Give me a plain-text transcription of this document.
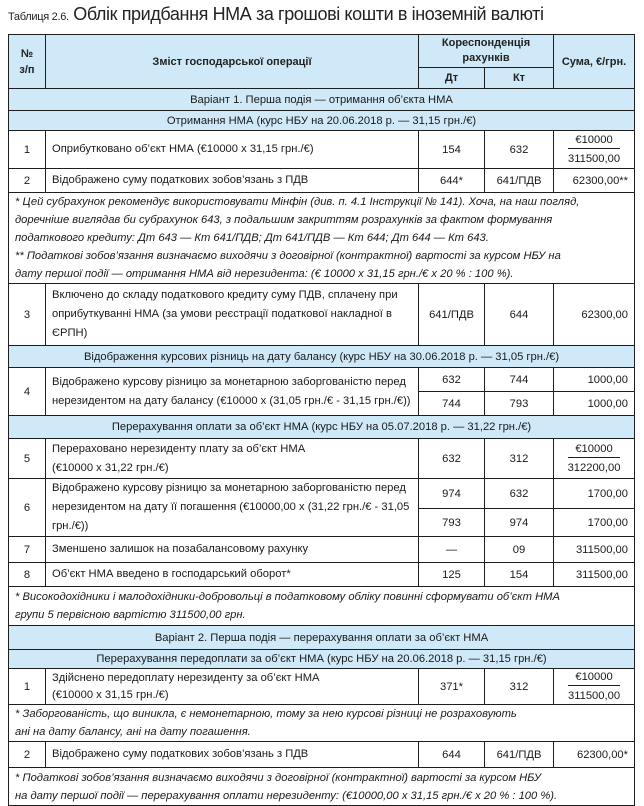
Таблиця 2.6. Облік придбання НМА за грошові кошти в іноземній валюті
№
з/п	Зміст господарської операції	Кореспонденція
рахунків		Сума, €/грн.
		Дт	Кт	
Варіант 1. Перша подія — отримання об’єкта НМА				
Отримання НМА (курс НБУ на 20.06.2018 р. — 31,15 грн./€)				
1	Оприбутковано об’єкт НМА (€10000 х 31,15 грн./€)	154	632	$\frac{€10000}{311500,00}$

2	Відображено суму податкових зобов’язань з ПДВ	644*	641/ПДВ	62300,00**

* Цей субрахунок рекомендує використовувати Мінфін (див. п. 4.1 Інструкції № 141). Хоча, на наш погляд,
доречніше виглядав би субрахунок 643, з подальшим закриттям розрахунків за фактом формування
податкового кредиту: Дт 643 — Кт 641/ПДВ; Дт 641/ПДВ — Кт 644; Дт 644 — Кт 643.
** Податкові зобов’язання визначаємо виходячи з договірної (контрактної) вартості за курсом НБУ на
дату першої події — отримання НМА від нерезидента: (€ 10000 х 31,15 грн./€ х 20 % : 100 %).				

3	Включено до складу податкового кредиту суму ПДВ, сплачену при оприбуткуванні НМА (за умови реєстрації податкової накладної в ЄРПН)	641/ПДВ	644	62300,00
Відображення курсових різниць на дату балансу (курс НБУ на 30.06.2018 р. — 31,05 грн./€)				
4	Відображено курсову різницю за монетарною заборгованістю перед нерезидентом на дату балансу (€10000 х (31,05 грн./€ - 31,15 грн./€))	632	744	1000,00
		744	793	1000,00
Перерахування оплати за об’єкт НМА (курс НБУ на 05.07.2018 р. — 31,22 грн./€)				
5	Перераховано нерезиденту плату за об’єкт НМА
(€10000 х 31,22 грн./€)	632	312	$\frac{€10000}{312200,00}$

6	Відображено курсову різницю за монетарною заборгованістю перед нерезидентом на дату її погашення (€10000,00 х (31,22 грн./€ - 31,05 грн./€))	974	632	1700,00
		793	974	1700,00
7	Зменшено залишок на позабалансовому рахунку	—	09	311500,00
8	Об’єкт НМА введено в господарський оборот*	125	154	311500,00

* Високодохідники і малодохідники-добровольці в податковому обліку повинні сформувати об’єкт НМА
групи 5 первісною вартістю 311500,00 грн.				

Варіант 2. Перша подія — перерахування оплати за об’єкт НМА				
Перерахування передоплати за об’єкт НМА (курс НБУ на 20.06.2018 р. — 31,15 грн./€)				
1	Здійснено передоплату нерезиденту за об’єкт НМА
(€10000 х 31,15 грн./€)	371*	312	$\frac{€10000}{311500,00}$

* Заборгованість, що виникла, є немонетарною, тому за нею курсові різниці не розраховують
ані на дату балансу, ані на дату погашення.				

2	Відображено суму податкових зобов’язань з ПДВ	644	641/ПДВ	62300,00*

* Податкові зобов’язання визначаємо виходячи з договірної (контрактної) вартості за курсом НБУ
на дату першої події — перерахування оплати нерезиденту: (€10000,00 х 31,15 грн./€ х 20 % : 100 %).				
